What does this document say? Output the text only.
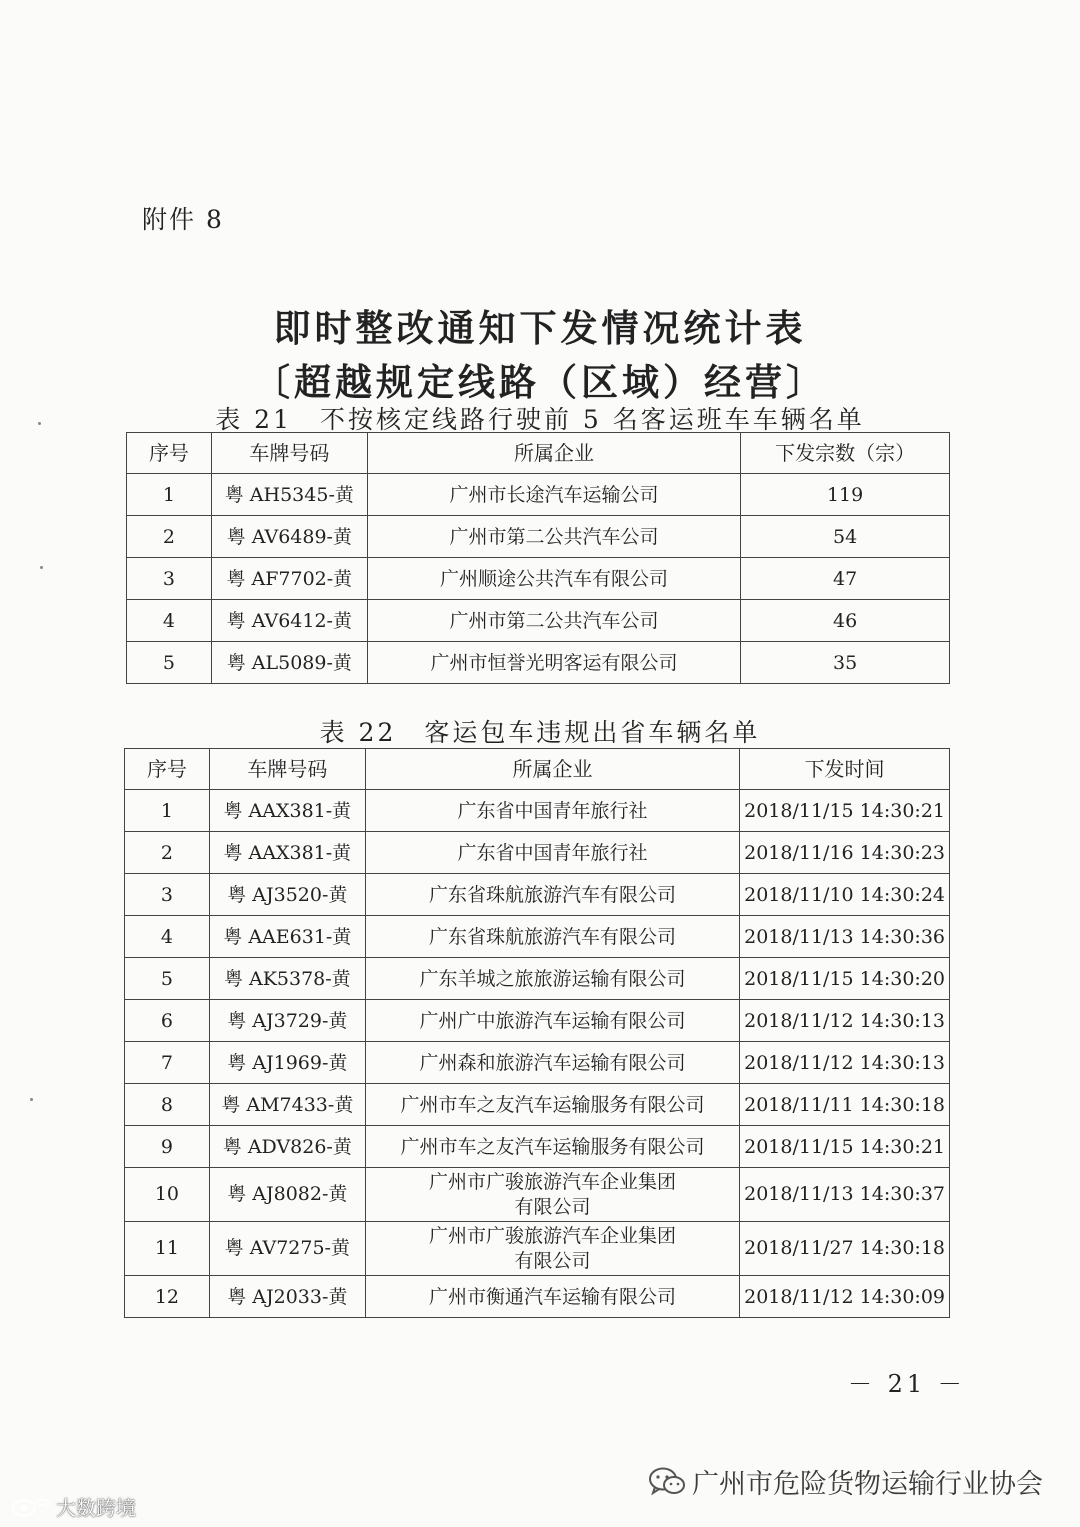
附件 8
即时整改通知下发情况统计表
〔超越规定线路（区域）经营〕
表 21　不按核定线路行驶前 5 名客运班车车辆名单
序号	车牌号码	所属企业	下发宗数（宗）
1	粤 AH5345-黄	广州市长途汽车运输公司	119
2	粤 AV6489-黄	广州市第二公共汽车公司	54
3	粤 AF7702-黄	广州顺途公共汽车有限公司	47
4	粤 AV6412-黄	广州市第二公共汽车公司	46
5	粤 AL5089-黄	广州市恒誉光明客运有限公司	35
表 22　客运包车违规出省车辆名单
序号	车牌号码	所属企业	下发时间
1	粤 AAX381-黄	广东省中国青年旅行社	2018/11/15 14:30:21
2	粤 AAX381-黄	广东省中国青年旅行社	2018/11/16 14:30:23
3	粤 AJ3520-黄	广东省珠航旅游汽车有限公司	2018/11/10 14:30:24
4	粤 AAE631-黄	广东省珠航旅游汽车有限公司	2018/11/13 14:30:36
5	粤 AK5378-黄	广东羊城之旅旅游运输有限公司	2018/11/15 14:30:20
6	粤 AJ3729-黄	广州广中旅游汽车运输有限公司	2018/11/12 14:30:13
7	粤 AJ1969-黄	广州森和旅游汽车运输有限公司	2018/11/12 14:30:13
8	粤 AM7433-黄	广州市车之友汽车运输服务有限公司	2018/11/11 14:30:18
9	粤 ADV826-黄	广州市车之友汽车运输服务有限公司	2018/11/15 14:30:21
10	粤 AJ8082-黄	广州市广骏旅游汽车企业集团
有限公司	2018/11/13 14:30:37
11	粤 AV7275-黄	广州市广骏旅游汽车企业集团
有限公司	2018/11/27 14:30:18
12	粤 AJ2033-黄	广州市衡通汽车运输有限公司	2018/11/12 14:30:09
－ 21 －
广州市危险货物运输行业协会
大数跨境
